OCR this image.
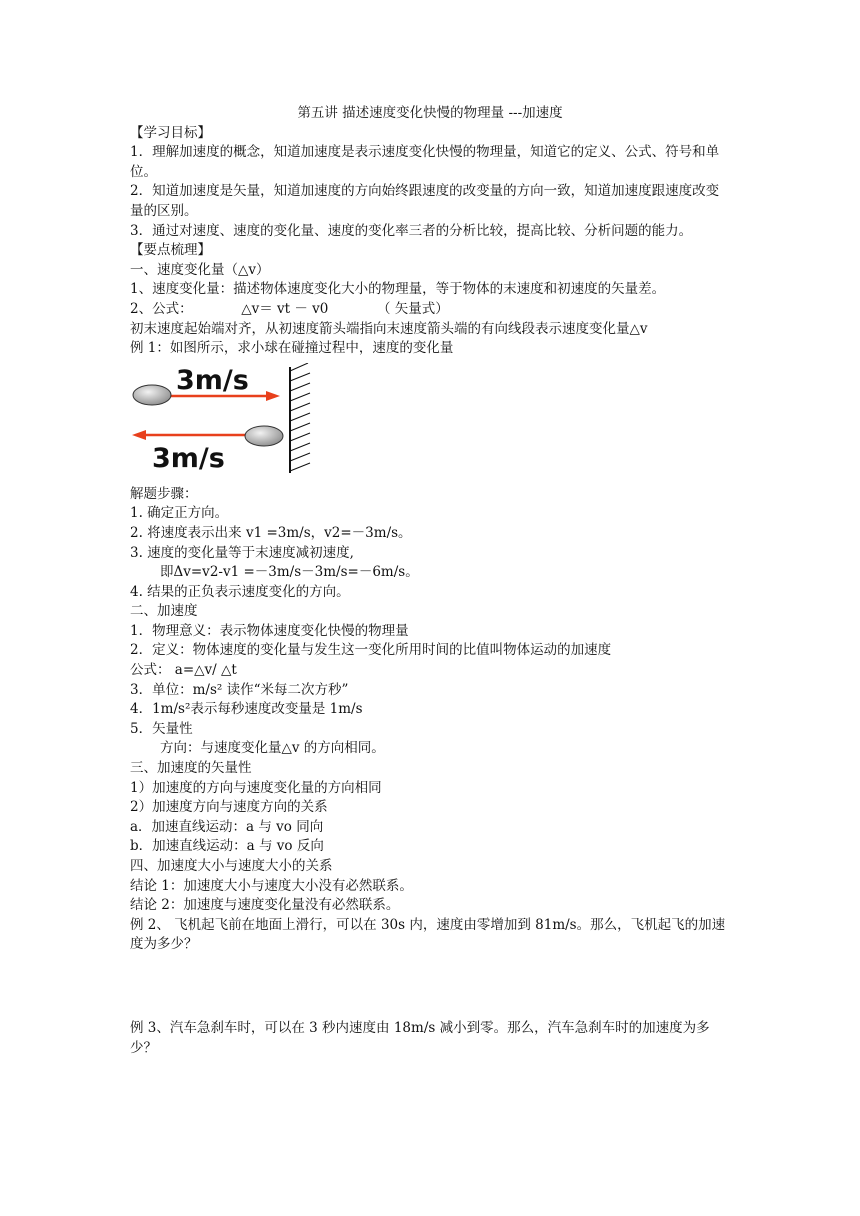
第五讲 描述速度变化快慢的物理量 ---加速度
【学习目标】
1．理解加速度的概念，知道加速度是表示速度变化快慢的物理量，知道它的定义、公式、符号和单位。
2．知道加速度是矢量，知道加速度的方向始终跟速度的改变量的方向一致，知道加速度跟速度改变量的区别。
3．通过对速度、速度的变化量、速度的变化率三者的分析比较，提高比较、分析问题的能力。
【要点梳理】
一、速度变化量（△v）
1、速度变化量：描述物体速度变化大小的物理量，等于物体的末速度和初速度的矢量差。
2、公式：	△v＝ vt － v0	（ 矢量式）
初末速度起始端对齐，从初速度箭头端指向末速度箭头端的有向线段表示速度变化量△v
例 1：如图所示，求小球在碰撞过程中，速度的变化量
3m/s
3m/s
解题步骤：
1. 确定正方向。
2. 将速度表示出来 v1 =3m/s，v2=－3m/s。
3. 速度的变化量等于末速度减初速度,
即Δv=v2-v1 =－3m/s－3m/s=－6m/s。
4. 结果的正负表示速度变化的方向。
二、加速度
1．物理意义：表示物体速度变化快慢的物理量
2．定义：物体速度的变化量与发生这一变化所用时间的比值叫物体运动的加速度
公式： a=△v/ △t
3．单位：m/s² 读作“米每二次方秒”
4．1m/s²表示每秒速度改变量是 1m/s
5．矢量性
方向：与速度变化量△v 的方向相同。
三、加速度的矢量性
1）加速度的方向与速度变化量的方向相同
2）加速度方向与速度方向的关系
a．加速直线运动：a 与 vo 同向
b．加速直线运动：a 与 vo 反向
四、加速度大小与速度大小的关系
结论 1：加速度大小与速度大小没有必然联系。
结论 2：加速度与速度变化量没有必然联系。
例 2、 飞机起飞前在地面上滑行，可以在 30s 内，速度由零增加到 81m/s。那么，飞机起飞的加速度为多少？
例 3、汽车急刹车时，可以在 3 秒内速度由 18m/s 减小到零。那么，汽车急刹车时的加速度为多少？
